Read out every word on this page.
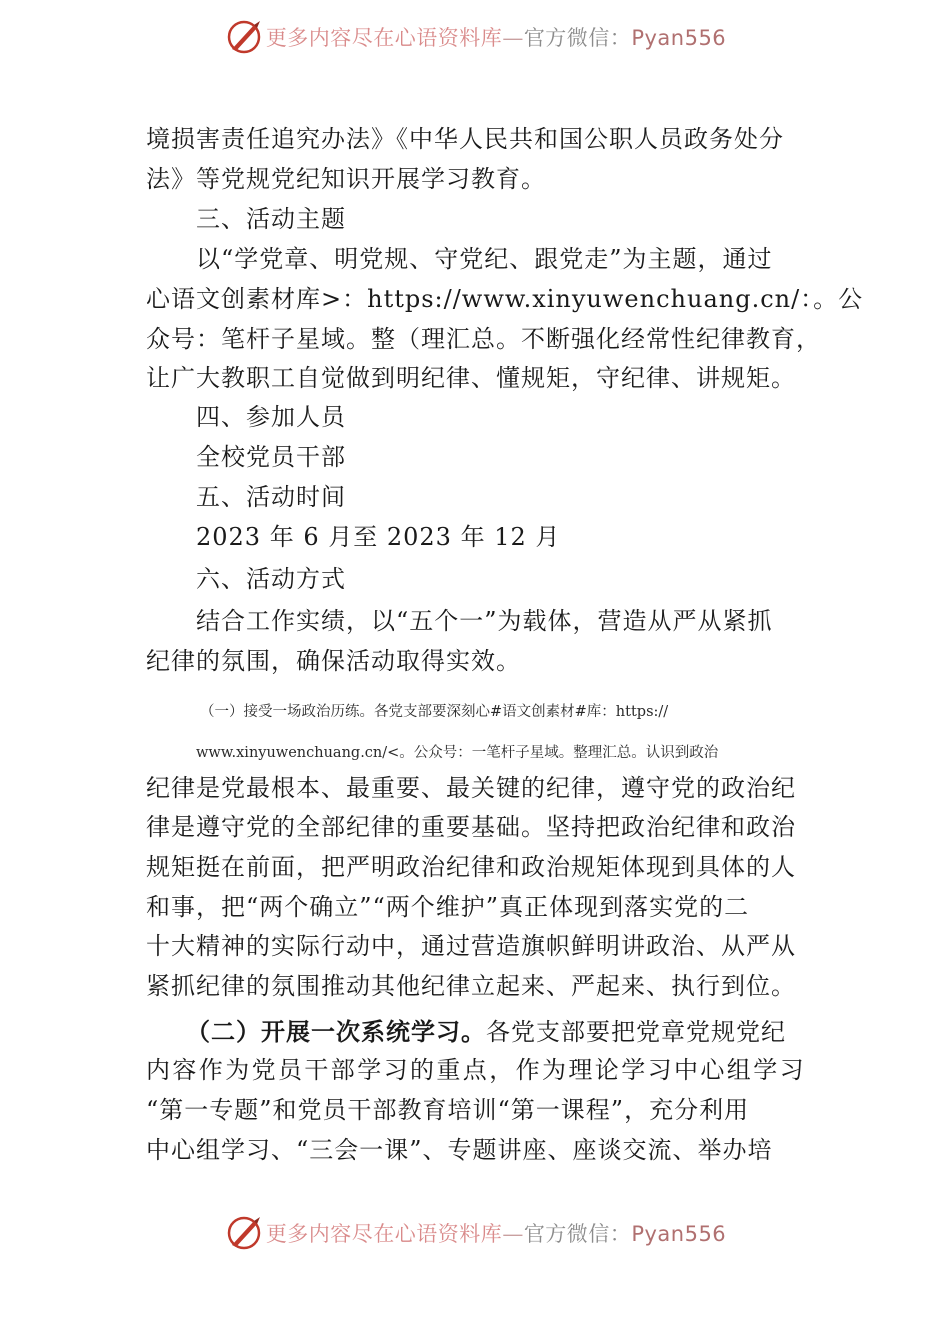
更多内容尽在心语资料库—官方微信：Pyan556
境损害责任追究办法》《中华人民共和国公职人员政务处分
法》等党规党纪知识开展学习教育。
三、活动主题
以“学党章、明党规、守党纪、跟党走”为主题，通过
心语文创素材库>：https://www.xinyuwenchuang.cn/：。公
众号：笔杆子星域。整（理汇总。不断强化经常性纪律教育，
让广大教职工自觉做到明纪律、懂规矩，守纪律、讲规矩。
四、参加人员
全校党员干部
五、活动时间
2023 年 6 月至 2023 年 12 月
六、活动方式
结合工作实绩，以“五个一”为载体，营造从严从紧抓
纪律的氛围，确保活动取得实效。
（一）接受一场政治历练。各党支部要深刻心#语文创素材#库：https://
www.xinyuwenchuang.cn/<。公众号：一笔杆子星域。整理汇总。认识到政治
纪律是党最根本、最重要、最关键的纪律，遵守党的政治纪
律是遵守党的全部纪律的重要基础。坚持把政治纪律和政治
规矩挺在前面，把严明政治纪律和政治规矩体现到具体的人
和事，把“两个确立”“两个维护”真正体现到落实党的二
十大精神的实际行动中，通过营造旗帜鲜明讲政治、从严从
紧抓纪律的氛围推动其他纪律立起来、严起来、执行到位。
（二）开展一次系统学习。各党支部要把党章党规党纪
内容作为党员干部学习的重点，作为理论学习中心组学习
“第一专题”和党员干部教育培训“第一课程”，充分利用
中心组学习、“三会一课”、专题讲座、座谈交流、举办培
更多内容尽在心语资料库—官方微信：Pyan556
